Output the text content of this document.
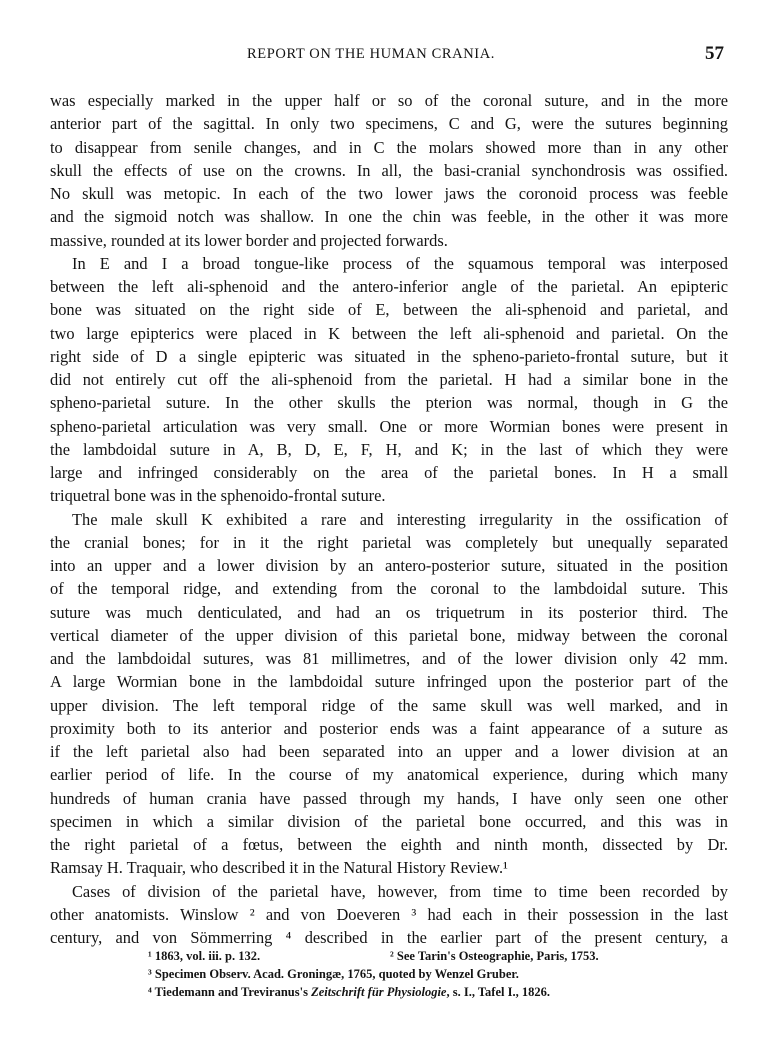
REPORT ON THE HUMAN CRANIA.	57
was especially marked in the upper half or so of the coronal suture, and in the more
anterior part of the sagittal. In only two specimens, C and G, were the sutures beginning
to disappear from senile changes, and in C the molars showed more than in any other
skull the effects of use on the crowns. In all, the basi-cranial synchondrosis was ossified.
No skull was metopic. In each of the two lower jaws the coronoid process was feeble
and the sigmoid notch was shallow. In one the chin was feeble, in the other it was more
massive, rounded at its lower border and projected forwards.
In E and I a broad tongue-like process of the squamous temporal was interposed
between the left ali-sphenoid and the antero-inferior angle of the parietal. An epipteric
bone was situated on the right side of E, between the ali-sphenoid and parietal, and
two large epipterics were placed in K between the left ali-sphenoid and parietal. On the
right side of D a single epipteric was situated in the spheno-parieto-frontal suture, but it
did not entirely cut off the ali-sphenoid from the parietal. H had a similar bone in the
spheno-parietal suture. In the other skulls the pterion was normal, though in G the
spheno-parietal articulation was very small. One or more Wormian bones were present in
the lambdoidal suture in A, B, D, E, F, H, and K; in the last of which they were
large and infringed considerably on the area of the parietal bones. In H a small
triquetral bone was in the sphenoido-frontal suture.
The male skull K exhibited a rare and interesting irregularity in the ossification of
the cranial bones; for in it the right parietal was completely but unequally separated
into an upper and a lower division by an antero-posterior suture, situated in the position
of the temporal ridge, and extending from the coronal to the lambdoidal suture. This
suture was much denticulated, and had an os triquetrum in its posterior third. The
vertical diameter of the upper division of this parietal bone, midway between the coronal
and the lambdoidal sutures, was 81 millimetres, and of the lower division only 42 mm.
A large Wormian bone in the lambdoidal suture infringed upon the posterior part of the
upper division. The left temporal ridge of the same skull was well marked, and in
proximity both to its anterior and posterior ends was a faint appearance of a suture as
if the left parietal also had been separated into an upper and a lower division at an
earlier period of life. In the course of my anatomical experience, during which many
hundreds of human crania have passed through my hands, I have only seen one other
specimen in which a similar division of the parietal bone occurred, and this was in
the right parietal of a fœtus, between the eighth and ninth month, dissected by Dr.
Ramsay H. Traquair, who described it in the Natural History Review.¹
Cases of division of the parietal have, however, from time to time been recorded by
other anatomists. Winslow ² and von Doeveren ³ had each in their possession in the last
century, and von Sömmerring ⁴ described in the earlier part of the present century, a
¹ 1863, vol. iii. p. 132.	² See Tarin's Osteographie, Paris, 1753.
³ Specimen Observ. Acad. Groningæ, 1765, quoted by Wenzel Gruber.
⁴ Tiedemann and Treviranus's Zeitschrift für Physiologie, s. I., Tafel I., 1826.
